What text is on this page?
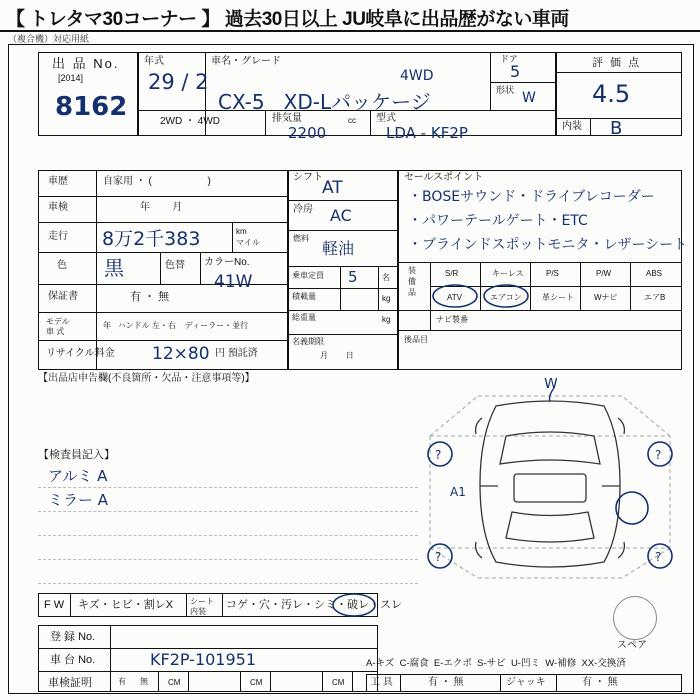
【 トレタマ30コーナー 】 過去30日以上 JU岐阜に出品歴がない車両
（複合機）対応用紙
出 品 No.
[2014]
8162
年式
29 / 2
車名・グレード
CX-5   XD-Lパッケージ
4WD
ドア
5
形状 W
2WD ・ 4WD	排気量	cc
2200
型式
LDA - KF2P
評 価 点
4.5
内装 B
車歴	自家用 ・ (                    )
車検	年        月
走行 8万2千383	km
マイル
色 黒	色替 カラーNo.
41W
保証書	有 ・ 無
モデル
車 式
年   ハンドル 左・右    ディーラー・並行
リサイクル料金 12×80 円 預託済
【出品店申告欄(不良箇所・欠品・注意事項等)】
シフト
AT
冷房 AC
燃料
軽油
乗車定員 5	名
積載量	kg
総重量	kg
名義期限
月        日
セールスポイント
・BOSEサウンド・ドライブレコーダー
・パワーテールゲート・ETC
・ブラインドスポットモニタ・レザーシート
装
備
品
S/R	キーレス	P/S	P/W	ABS
ATV	エアコン	革シート	Wナビ	エアB
ナビ製番
後品目
【検査員記入】
アルミ A
ミラー A
?	?
?	?
W
A1
スペア
F W キズ・ヒビ・割レX シート
内装
コゲ・穴・汚レ・シミ・破レ・スレ
登 録 No.
車 台 No.	KF2P-101951
車検証明	有 無	CM	CM	CM
A-キズ  C-腐食  E-エクボ  S-サビ  U-凹ミ  W-補修  XX-交換済
工 具	有 ・ 無	ジャッキ	有 ・ 無
